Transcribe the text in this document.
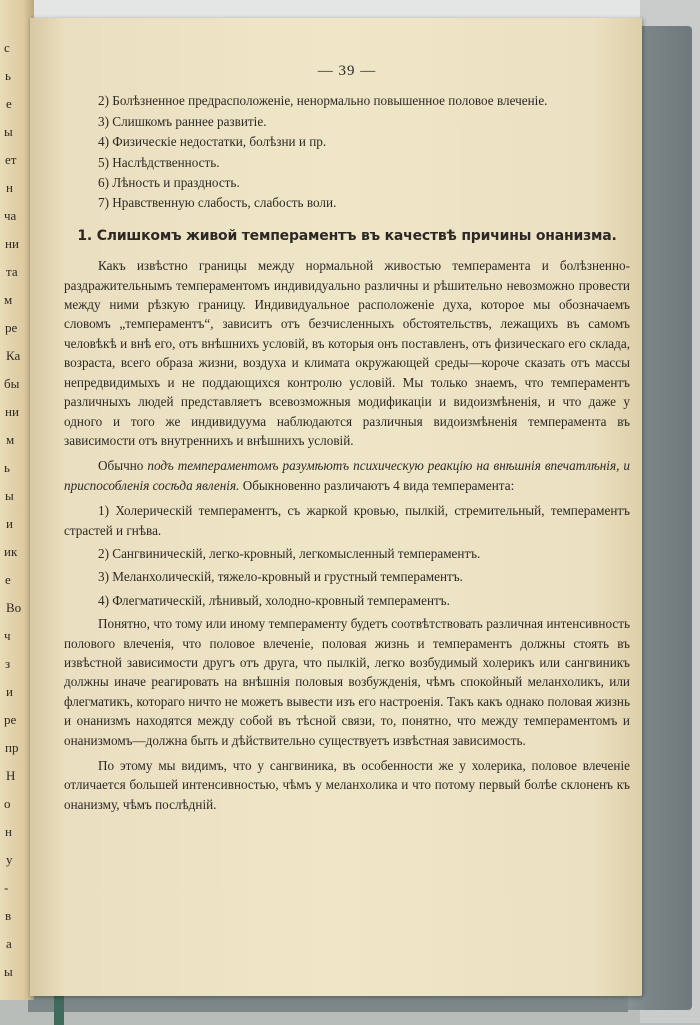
с
ь
е
ы
ет
н
ча
ни
та
м
ре
Ка
бы
ни
м
ь
ы
и
ик
е
Во
ч
з
и
ре
пр
Н
о
н
у
-
в
а
ы
— 39 —
2) Болѣзненное предрасположеніе, ненормально повышенное половое влеченіе.
3) Слишкомъ раннее развитіе.
4) Физическіе недостатки, болѣзни и пр.
5) Наслѣдственность.
6) Лѣность и праздность.
7) Нравственную слабость, слабость воли.
1. Слишкомъ живой темпераментъ въ качествѣ причины онанизма.

Какъ извѣстно границы между нормальной живостью темперамента и болѣзненно-раздражительнымъ темпераментомъ индивидуально различны и рѣшительно невозможно провести между ними рѣзкую границу. Индивидуальное расположеніе духа, которое мы обозначаемъ словомъ „темпераментъ“, зависитъ отъ безчисленныхъ обстоятельствъ, лежащихъ въ самомъ человѣкѣ и внѣ его, отъ внѣшнихъ условій, въ которыя онъ поставленъ, отъ физическаго его склада, возраста, всего образа жизни, воздуха и климата окружающей среды—короче сказать отъ массы непредвидимыхъ и не поддающихся контролю условій. Мы только знаемъ, что темпераментъ различныхъ людей представляетъ всевозможныя модификаціи и видоизмѣненія, и что даже у одного и того же индивидуума наблюдаются различныя видоизмѣненія темперамента въ зависимости отъ внутреннихъ и внѣшнихъ условій.

Обычно подъ темпераментомъ разумѣютъ психическую реакцію на внѣшнія впечатлѣнія, и приспособленія сосѣда явленія. Обыкновенно различаютъ 4 вида темперамента:

1) Холерическій темпераментъ, съ жаркой кровью, пылкій, стремительный, темпераментъ страстей и гнѣва.

2) Сангвиническій, легко-кровный, легкомысленный темпераментъ.

3) Меланхолическій, тяжело-кровный и грустный темпераментъ.

4) Флегматическій, лѣнивый, холодно-кровный темпераментъ.

Понятно, что тому или иному темпераменту будетъ соотвѣтствовать различная интенсивность полового влеченія, что половое влеченіе, половая жизнь и темпераментъ должны стоять въ извѣстной зависимости другъ отъ друга, что пылкій, легко возбудимый холерикъ или сангвиникъ должны иначе реагировать на внѣшнія половыя возбужденія, чѣмъ спокойный меланхоликъ, или флегматикъ, котораго ничто не можетъ вывести изъ его настроенія. Такъ какъ однако половая жизнь и онанизмъ находятся между собой въ тѣсной связи, то, понятно, что между темпераментомъ и онанизмомъ—должна быть и дѣйствительно существуетъ извѣстная зависимость.

По этому мы видимъ, что у сангвиника, въ особенности же у холерика, половое влеченіе отличается большей интенсивностью, чѣмъ у меланхолика и что потому первый болѣе склоненъ къ онанизму, чѣмъ послѣдній.
